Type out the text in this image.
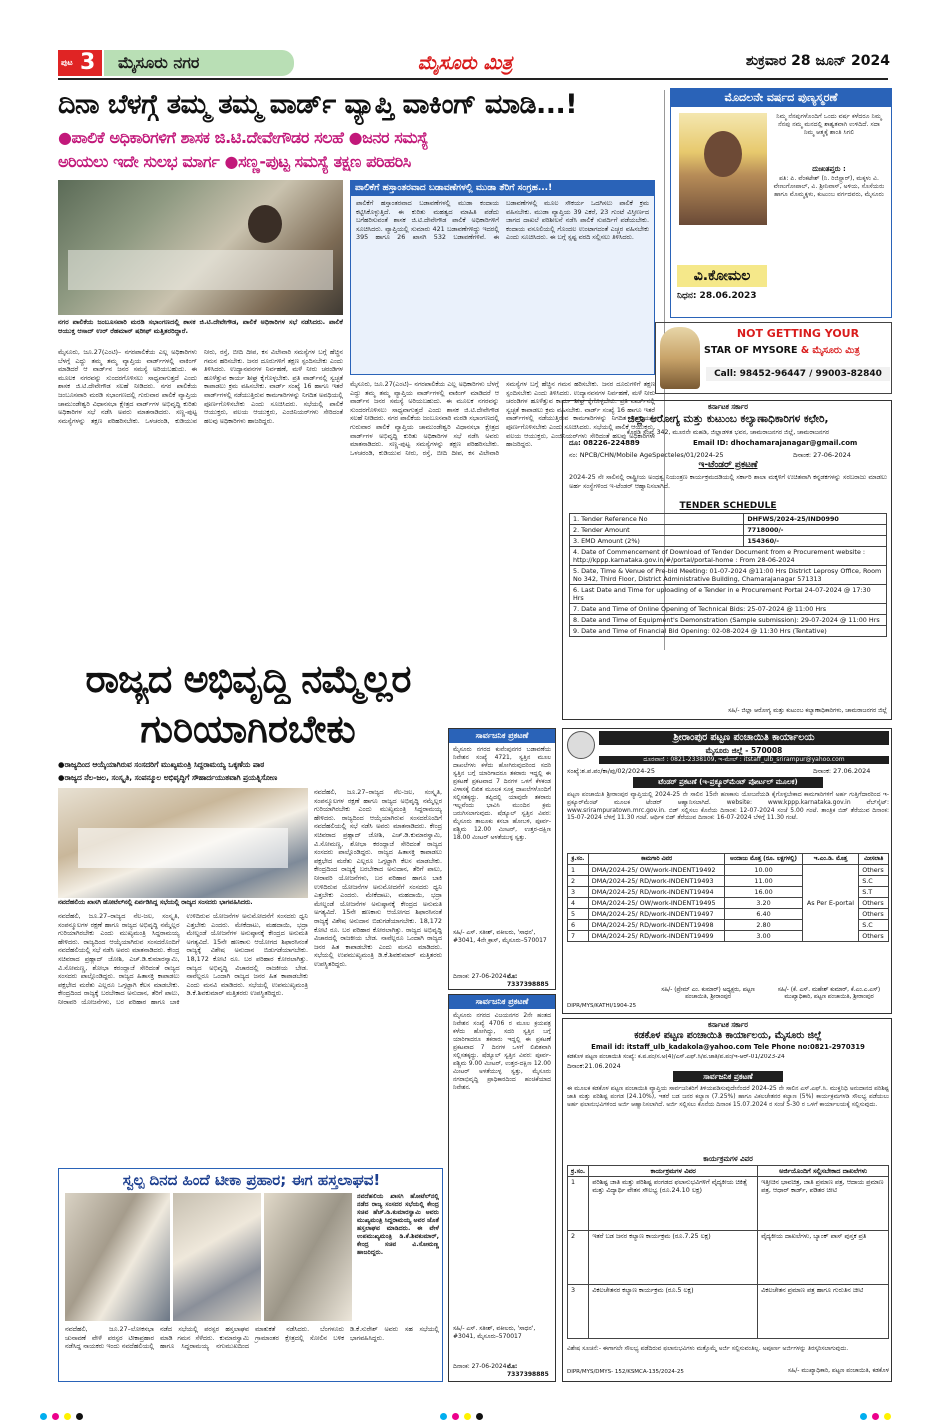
ಪುಟ 3 ಮೈಸೂರು ನಗರ	ಮೈಸೂರು ಮಿತ್ರ	ಶುಕ್ರವಾರ 28 ಜೂನ್ 2024
ದಿನಾ ಬೆಳಗ್ಗೆ ತಮ್ಮ ತಮ್ಮ ವಾರ್ಡ್ ವ್ಯಾಪ್ತಿ ವಾಕಿಂಗ್ ಮಾಡಿ...!
●ಪಾಲಿಕೆ ಅಧಿಕಾರಿಗಳಿಗೆ ಶಾಸಕ ಜಿ.ಟಿ.ದೇವೇಗೌಡರ ಸಲಹೆ ●ಜನರ ಸಮಸ್ಯೆ
ಅರಿಯಲು ಇದೇ ಸುಲಭ ಮಾರ್ಗ ●ಸಣ್ಣ-ಪುಟ್ಟ ಸಮಸ್ಯೆ ತಕ್ಷಣ ಪರಿಹರಿಸಿ
ನಗರ ಪಾಲಿಕೆಯ ಜಂಬೂಸವಾರಿ ಮರಡಿ ಸಭಾಂಗಣದಲ್ಲಿ ಶಾಸಕ ಜಿ.ಟಿ.ದೇವೇಗೌಡ, ಪಾಲಿಕೆ ಅಧಿಕಾರಿಗಳ ಸಭೆ ನಡೆಸಿದರು. ಪಾಲಿಕೆ ಆಯುಕ್ತ ಆಸಾದ್ ಉರ್ ರೆಹಮಾನ್ ಷರೀಫ್ ಮತ್ತಿತರರಿದ್ದಾರೆ.
ಮೈಸೂರು, ಜೂ.27(ಎಂಟಿ)– ನಗರಪಾಲಿಕೆಯ ಎಲ್ಲ ಅಧಿಕಾರಿಗಳು ಬೆಳಗ್ಗೆ ಎದ್ದು ತಮ್ಮ ತಮ್ಮ ವ್ಯಾಪ್ತಿಯ ವಾರ್ಡ್‌ಗಳಲ್ಲಿ ವಾಕಿಂಗ್ ಮಾಡಿದರೆ ಆ ವಾರ್ಡ್‌ನ ಜನರ ಸಮಸ್ಯೆ ಅರಿಯಬಹುದು. ಈ ಮೂಲಕ ನಗರವನ್ನು ಸುಂದರಗೊಳಿಸಲು ಸಾಧ್ಯವಾಗುತ್ತದೆ ಎಂದು ಶಾಸಕ ಜಿ.ಟಿ.ದೇವೇಗೌಡ ಸಲಹೆ ನೀಡಿದರು. ನಗರ ಪಾಲಿಕೆಯ ಜಂಬೂಸವಾರಿ ಮರಡಿ ಸಭಾಂಗಣದಲ್ಲಿ ಗುರುವಾರ ಪಾಲಿಕೆ ವ್ಯಾಪ್ತಿಯ ಚಾಮುಂಡೇಶ್ವರಿ ವಿಧಾನಸಭಾ ಕ್ಷೇತ್ರದ ವಾರ್ಡ್‌ಗಳ ಅಭಿವೃದ್ಧಿ ಕುರಿತು ಅಧಿಕಾರಿಗಳ ಸಭೆ ನಡೆಸಿ ಅವರು ಮಾತನಾಡಿದರು. ಸಣ್ಣ-ಪುಟ್ಟ ಸಮಸ್ಯೆಗಳನ್ನು ತಕ್ಷಣ ಪರಿಹರಿಸಬೇಕು. ಒಳಚರಂಡಿ, ಕುಡಿಯುವ ನೀರು, ರಸ್ತೆ, ಬೀದಿ ದೀಪ, ಕಸ ವಿಲೇವಾರಿ ಸಮಸ್ಯೆಗಳ ಬಗ್ಗೆ ಹೆಚ್ಚಿನ ಗಮನ ಹರಿಸಬೇಕು. ಜನರ ದೂರುಗಳಿಗೆ ತಕ್ಷಣ ಸ್ಪಂದಿಸಬೇಕು ಎಂದು ತಿಳಿಸಿದರು. ಉದ್ಯಾನವನಗಳ ನಿರ್ವಹಣೆ, ಮಳೆ ನೀರು ಚರಂಡಿಗಳ ಹೂಳೆತ್ತುವ ಕಾರ್ಯ ಶೀಘ್ರ ಕೈಗೊಳ್ಳಬೇಕು. ಪ್ರತಿ ವಾರ್ಡ್‌ನಲ್ಲಿ ಸ್ವಚ್ಛತೆ ಕಾಪಾಡಲು ಕ್ರಮ ವಹಿಸಬೇಕು. ವಾರ್ಡ್ ಸಂಖ್ಯೆ 16 ಹಾಗೂ ಇತರೆ ವಾರ್ಡ್‌ಗಳಲ್ಲಿ ನಡೆಯುತ್ತಿರುವ ಕಾಮಗಾರಿಗಳನ್ನು ನಿಗದಿತ ಅವಧಿಯಲ್ಲಿ ಪೂರ್ಣಗೊಳಿಸಬೇಕು ಎಂದು ಸೂಚಿಸಿದರು. ಸಭೆಯಲ್ಲಿ ಪಾಲಿಕೆ ಆಯುಕ್ತರು, ವಲಯ ಆಯುಕ್ತರು, ಎಂಜಿನಿಯರ್‌ಗಳು ಸೇರಿದಂತೆ ಹಲವು ಅಧಿಕಾರಿಗಳು ಹಾಜರಿದ್ದರು.
ಪಾಲಿಕೆಗೆ ಹಸ್ತಾಂತರವಾದ ಬಡಾವಣೆಗಳಲ್ಲಿ ಮುಡಾ ತೆರಿಗೆ ಸಂಗ್ರಹ...!
ಪಾಲಿಕೆಗೆ ಹಸ್ತಾಂತರವಾದ ಬಡಾವಣೆಗಳಲ್ಲಿ ಮುಡಾ ಕಂದಾಯ ಕಟ್ಟಿಸಿಕೊಳ್ಳುತ್ತಿದೆ. ಈ ಕುರಿತು ಮಹತ್ವದ ಮಾಹಿತಿ ಪಡೆದು ಬಗೆಹರಿಸುವಂತೆ ಶಾಸಕ ಜಿ.ಟಿ.ದೇವೇಗೌಡ ಪಾಲಿಕೆ ಅಧಿಕಾರಿಗಳಿಗೆ ಸೂಚಿಸಿದರು. ವ್ಯಾಪ್ತಿಯಲ್ಲಿ ಸುಮಾರು 421 ಬಡಾವಣೆಗಳಿದ್ದು ಇದರಲ್ಲಿ 395 ಹಾಗೂ 26 ಖಾಸಗಿ 532 ಬಡಾವಣೆಗಳಿವೆ. ಈ ಬಡಾವಣೆಗಳಲ್ಲಿ ಮೂಲ ಸೌಕರ್ಯ ಒದಗಿಸಲು ಪಾಲಿಕೆ ಕ್ರಮ ವಹಿಸಬೇಕು. ಮುಡಾ ವ್ಯಾಪ್ತಿಯ 39 ಎಕರೆ, 23 ಗುಂಟೆ ವಿಸ್ತೀರ್ಣದ ಜಾಗದ ದಾಖಲೆ ಪರಿಶೀಲನೆ ನಡೆಸಿ ಪಾಲಿಕೆ ಸುಪರ್ದಿಗೆ ಪಡೆಯಬೇಕು. ಕಂದಾಯ ವಸೂಲಿಯಲ್ಲಿ ಗೊಂದಲ ಉಂಟಾಗದಂತೆ ಎಚ್ಚರ ವಹಿಸಬೇಕು ಎಂದು ಸೂಚಿಸಿದರು. ಈ ಬಗ್ಗೆ ಸ್ಪಷ್ಟ ವರದಿ ಸಲ್ಲಿಸಲು ತಿಳಿಸಿದರು.
ಮೈಸೂರು, ಜೂ.27(ಎಂಟಿ)– ನಗರಪಾಲಿಕೆಯ ಎಲ್ಲ ಅಧಿಕಾರಿಗಳು ಬೆಳಗ್ಗೆ ಎದ್ದು ತಮ್ಮ ತಮ್ಮ ವ್ಯಾಪ್ತಿಯ ವಾರ್ಡ್‌ಗಳಲ್ಲಿ ವಾಕಿಂಗ್ ಮಾಡಿದರೆ ಆ ವಾರ್ಡ್‌ನ ಜನರ ಸಮಸ್ಯೆ ಅರಿಯಬಹುದು. ಈ ಮೂಲಕ ನಗರವನ್ನು ಸುಂದರಗೊಳಿಸಲು ಸಾಧ್ಯವಾಗುತ್ತದೆ ಎಂದು ಶಾಸಕ ಜಿ.ಟಿ.ದೇವೇಗೌಡ ಸಲಹೆ ನೀಡಿದರು. ನಗರ ಪಾಲಿಕೆಯ ಜಂಬೂಸವಾರಿ ಮರಡಿ ಸಭಾಂಗಣದಲ್ಲಿ ಗುರುವಾರ ಪಾಲಿಕೆ ವ್ಯಾಪ್ತಿಯ ಚಾಮುಂಡೇಶ್ವರಿ ವಿಧಾನಸಭಾ ಕ್ಷೇತ್ರದ ವಾರ್ಡ್‌ಗಳ ಅಭಿವೃದ್ಧಿ ಕುರಿತು ಅಧಿಕಾರಿಗಳ ಸಭೆ ನಡೆಸಿ ಅವರು ಮಾತನಾಡಿದರು. ಸಣ್ಣ-ಪುಟ್ಟ ಸಮಸ್ಯೆಗಳನ್ನು ತಕ್ಷಣ ಪರಿಹರಿಸಬೇಕು. ಒಳಚರಂಡಿ, ಕುಡಿಯುವ ನೀರು, ರಸ್ತೆ, ಬೀದಿ ದೀಪ, ಕಸ ವಿಲೇವಾರಿ ಸಮಸ್ಯೆಗಳ ಬಗ್ಗೆ ಹೆಚ್ಚಿನ ಗಮನ ಹರಿಸಬೇಕು. ಜನರ ದೂರುಗಳಿಗೆ ತಕ್ಷಣ ಸ್ಪಂದಿಸಬೇಕು ಎಂದು ತಿಳಿಸಿದರು. ಉದ್ಯಾನವನಗಳ ನಿರ್ವಹಣೆ, ಮಳೆ ನೀರು ಚರಂಡಿಗಳ ಹೂಳೆತ್ತುವ ಕಾರ್ಯ ಶೀಘ್ರ ಕೈಗೊಳ್ಳಬೇಕು. ಪ್ರತಿ ವಾರ್ಡ್‌ನಲ್ಲಿ ಸ್ವಚ್ಛತೆ ಕಾಪಾಡಲು ಕ್ರಮ ವಹಿಸಬೇಕು. ವಾರ್ಡ್ ಸಂಖ್ಯೆ 16 ಹಾಗೂ ಇತರೆ ವಾರ್ಡ್‌ಗಳಲ್ಲಿ ನಡೆಯುತ್ತಿರುವ ಕಾಮಗಾರಿಗಳನ್ನು ನಿಗದಿತ ಅವಧಿಯಲ್ಲಿ ಪೂರ್ಣಗೊಳಿಸಬೇಕು ಎಂದು ಸೂಚಿಸಿದರು. ಸಭೆಯಲ್ಲಿ ಪಾಲಿಕೆ ಆಯುಕ್ತರು, ವಲಯ ಆಯುಕ್ತರು, ಎಂಜಿನಿಯರ್‌ಗಳು ಸೇರಿದಂತೆ ಹಲವು ಅಧಿಕಾರಿಗಳು ಹಾಜರಿದ್ದರು.
ಮೊದಲನೇ ವರ್ಷದ ಪುಣ್ಯಸ್ಮರಣೆ
ನಿಮ್ಮ ನೆನಪುಗಳೊಂದಿಗೆ ಒಂದು ವರ್ಷ ಕಳೆದರೂ ನಿಮ್ಮ ನೆನಪು ನಮ್ಮ ಮನದಲ್ಲಿ ಶಾಶ್ವತವಾಗಿ ಉಳಿದಿದೆ. ಸದಾ ನಿಮ್ಮ ಆತ್ಮಕ್ಕೆ ಶಾಂತಿ ಸಿಗಲಿ
ದುಃಖತಪ್ತರು :
ಪತಿ: ಪಿ. ವೆಂಕಟೇಶ್ (ನಿ. ರಿಜಿಸ್ಟ್ರಾರ್), ಮಕ್ಕಳು ವಿ. ವೇಣುಗೋಪಾಲ್, ವಿ. ಶ್ರೀನಿವಾಸ್, ಅಳಿಯ, ಸೊಸೆಯರು ಹಾಗೂ ಮೊಮ್ಮಕ್ಕಳು, ಕುಟುಂಬ ವರ್ಗದವರು, ಮೈಸೂರು
ವಿ.ಕೋಮಲ
ನಿಧನ: 28.06.2023
NOT GETTING YOUR
STAR OF MYSORE & ಮೈಸೂರು ಮಿತ್ರ
Call: 98452-96447 / 99003-82840
ಕರ್ನಾಟಕ ಸರ್ಕಾರ
ಜಿಲ್ಲಾ ಆರೋಗ್ಯ ಮತ್ತು ಕುಟುಂಬ ಕಲ್ಯಾಣಾಧಿಕಾರಿಗಳ ಕಛೇರಿ,
ಕೊಠಡಿ ಸಂಖ್ಯೆ 342, ಮೂರನೇ ಮಹಡಿ, ಜಿಲ್ಲಾಡಳಿತ ಭವನ, ಚಾಮರಾಜನಗರ ಜಿಲ್ಲೆ, ಚಾಮರಾಜನಗರ
ದೂ: 08226-224889	Email ID: dhochamarajanagar@gmail.com
ನಂ: NPCB/CHN/Mobile AgeSpecteles/01/2024-25
ಇ-ಟೆಂಡರ್ ಪ್ರಕಟಣೆ
ದಿನಾಂಕ: 27-06-2024
2024-25 ನೇ ಸಾಲಿನಲ್ಲಿ ರಾಷ್ಟ್ರೀಯ ಅಂಧತ್ವ ನಿಯಂತ್ರಣ ಕಾರ್ಯಕ್ರಮದಡಿಯಲ್ಲಿ ಸರ್ಕಾರಿ ಶಾಲಾ ಮಕ್ಕಳಿಗೆ ಉಚಿತವಾಗಿ ಕನ್ನಡಕಗಳನ್ನು ಸರಬರಾಜು ಮಾಡಲು ಅರ್ಹ ಸಂಸ್ಥೆಗಳಿಂದ ಇ-ಟೆಂಡರ್ ಆಹ್ವಾನಿಸಲಾಗಿದೆ.
TENDER SCHEDULE
1. Tender Reference No	DHFWS/2024-25/IND0990
2. Tender Amount	7718000/-
3. EMD Amount (2%)	154360/-
4. Date of Commencement of Download of Tender Document from e Procurement website : http://kppp.karnataka.gov.in/#/portal/portal-home : From 28-06-2024	
5. Date, Time & Venue of Pre-bid Meeting: 01-07-2024 @11:00 Hrs District Leprosy Office, Room No 342, Third Floor, District Administrative Building, Chamarajanagar 571313	
6. Last Date and Time for uploading of e Tender in e Procurement Portal 24-07-2024 @ 17:30 Hrs	
7. Date and Time of Online Opening of Technical Bids: 25-07-2024 @ 11:00 Hrs	
8. Date and Time of Equipment's Demonstration (Sample submission): 29-07-2024 @ 11:00 Hrs	
9. Date and Time of Financial Bid Opening: 02-08-2024 @ 11:30 Hrs (Tentative)	
ಸಹಿ/- ಜಿಲ್ಲಾ ಆರೋಗ್ಯ ಮತ್ತು ಕುಟುಂಬ ಕಲ್ಯಾಣಾಧಿಕಾರಿಗಳು, ಚಾಮರಾಜನಗರ ಜಿಲ್ಲೆ
ಸಾರ್ವಜನಿಕ ಪ್ರಕಟಣೆ
ಮೈಸೂರು ನಗರದ ಕುವೆಂಪುನಗರ ಬಡಾವಣೆಯ ನಿವೇಶನ ಸಂಖ್ಯೆ 4721, ಸ್ವತ್ತಿನ ಮೂಲ ದಾಖಲೆಗಳು ಕಳೆದು ಹೋಗಿರುವುದರಿಂದ ಸದರಿ ಸ್ವತ್ತಿನ ಬಗ್ಗೆ ಯಾರಿಗಾದರೂ ತಕರಾರು ಇದ್ದಲ್ಲಿ ಈ ಪ್ರಕಟಣೆ ಪ್ರಕಟವಾದ 7 ದಿನಗಳ ಒಳಗೆ ಕೆಳಕಂಡ ವಿಳಾಸಕ್ಕೆ ಲಿಖಿತ ಮೂಲಕ ಸೂಕ್ತ ದಾಖಲೆಗಳೊಂದಿಗೆ ಸಲ್ಲಿಸತಕ್ಕದ್ದು. ತಪ್ಪಿದಲ್ಲಿ ಯಾವುದೇ ತಕರಾರು ಇಲ್ಲವೆಂದು ಭಾವಿಸಿ ಮುಂದಿನ ಕ್ರಮ ಜರುಗಿಸಲಾಗುವುದು. ಷೆಡ್ಯೂಲ್ ಸ್ವತ್ತಿನ ವಿವರ: ಮೈಸೂರು ತಾಲೂಕು ಕಸಬಾ ಹೋಬಳಿ, ಪೂರ್ವ-ಪಶ್ಚಿಮ 12.00 ಮೀಟರ್, ಉತ್ತರ-ದಕ್ಷಿಣ 18.00 ಮೀಟರ್ ಅಳತೆಯುಳ್ಳ ಸ್ವತ್ತು.
ಸಹಿ/- ಎಸ್. ಸತೀಶ್, ವಕೀಲರು, 'ಸಾಧನ', #3041, 4ನೇ ಕ್ರಾಸ್, ಮೈಸೂರು–570017
ದಿನಾಂಕ: 27-06-2024 ಮೊ: 7337398885
ಸಾರ್ವಜನಿಕ ಪ್ರಕಟಣೆ
ಮೈಸೂರು ನಗರದ ವಿಜಯನಗರ 2ನೇ ಹಂತದ ನಿವೇಶನ ಸಂಖ್ಯೆ 4706 ರ ಮೂಲ ಕ್ರಯಪತ್ರ ಕಳೆದು ಹೋಗಿದ್ದು, ಸದರಿ ಸ್ವತ್ತಿನ ಬಗ್ಗೆ ಯಾರಿಗಾದರೂ ತಕರಾರು ಇದ್ದಲ್ಲಿ ಈ ಪ್ರಕಟಣೆ ಪ್ರಕಟವಾದ 7 ದಿನಗಳ ಒಳಗೆ ಲಿಖಿತವಾಗಿ ಸಲ್ಲಿಸತಕ್ಕದ್ದು. ಷೆಡ್ಯೂಲ್ ಸ್ವತ್ತಿನ ವಿವರ: ಪೂರ್ವ-ಪಶ್ಚಿಮ 9.00 ಮೀಟರ್, ಉತ್ತರ-ದಕ್ಷಿಣ 12.00 ಮೀಟರ್ ಅಳತೆಯುಳ್ಳ ಸ್ವತ್ತು, ಮೈಸೂರು ನಗರಾಭಿವೃದ್ಧಿ ಪ್ರಾಧಿಕಾರದಿಂದ ಹಂಚಿಕೆಯಾದ ನಿವೇಶನ.
ಸಹಿ/- ಎಸ್. ಸತೀಶ್, ವಕೀಲರು, 'ಸಾಧನ', #3041, ಮೈಸೂರು–570017
ದಿನಾಂಕ: 27-06-2024 ಮೊ: 7337398885
ರಾಜ್ಯದ ಅಭಿವೃದ್ಧಿ ನಮ್ಮೆಲ್ಲರ
ಗುರಿಯಾಗಿರಬೇಕು
●ರಾಜ್ಯದಿಂದ ಆಯ್ಕೆಯಾಗಿರುವ ಸಂಸದರಿಗೆ ಮುಖ್ಯಮಂತ್ರಿ ಸಿದ್ದರಾಮಯ್ಯ ಒಕ್ಕಣೆಯ ಪಾಠ
●ರಾಜ್ಯದ ನೆಲ-ಜಲ, ಸಂಸ್ಕೃತಿ, ಸಂಪನ್ಮೂಲ ಅಭಿವೃದ್ಧಿಗೆ ಸೌಹಾರ್ದಯುತವಾಗಿ ಪ್ರಯತ್ನಿಸೋಣ
ನವದೆಹಲಿಯ ಖಾಸಗಿ ಹೋಟೆಲ್‌ನಲ್ಲಿ ಏರ್ಪಡಿಸಿದ್ದ ಸಭೆಯಲ್ಲಿ ರಾಜ್ಯದ ಸಂಸದರು ಭಾಗವಹಿಸಿದರು.
ನವದೆಹಲಿ, ಜೂ.27–ರಾಜ್ಯದ ನೆಲ-ಜಲ, ಸಂಸ್ಕೃತಿ, ಸಂಪನ್ಮೂಲಗಳ ರಕ್ಷಣೆ ಹಾಗೂ ರಾಜ್ಯದ ಅಭಿವೃದ್ಧಿ ನಮ್ಮೆಲ್ಲರ ಗುರಿಯಾಗಿರಬೇಕು ಎಂದು ಮುಖ್ಯಮಂತ್ರಿ ಸಿದ್ದರಾಮಯ್ಯ ಹೇಳಿದರು. ರಾಜ್ಯದಿಂದ ಆಯ್ಕೆಯಾಗಿರುವ ಸಂಸದರೊಂದಿಗೆ ನವದೆಹಲಿಯಲ್ಲಿ ಸಭೆ ನಡೆಸಿ ಅವರು ಮಾತನಾಡಿದರು. ಕೇಂದ್ರ ಸಚಿವರಾದ ಪ್ರಹ್ಲಾದ್ ಜೋಶಿ, ಎಚ್.ಡಿ.ಕುಮಾರಸ್ವಾಮಿ, ವಿ.ಸೋಮಣ್ಣ, ಶೋಭಾ ಕರಂದ್ಲಾಜೆ ಸೇರಿದಂತೆ ರಾಜ್ಯದ ಸಂಸದರು ಪಾಲ್ಗೊಂಡಿದ್ದರು. ರಾಜ್ಯದ ಹಿತಾಸಕ್ತಿ ಕಾಪಾಡಲು ಪಕ್ಷಭೇದ ಮರೆತು ಎಲ್ಲರೂ ಒಗ್ಗಟ್ಟಾಗಿ ಕೆಲಸ ಮಾಡಬೇಕು. ಕೇಂದ್ರದಿಂದ ರಾಜ್ಯಕ್ಕೆ ಬರಬೇಕಾದ ಅನುದಾನ, ತೆರಿಗೆ ಪಾಲು, ನೀರಾವರಿ ಯೋಜನೆಗಳು, ಬರ ಪರಿಹಾರ ಹಾಗೂ ಬಾಕಿ ಉಳಿದಿರುವ ಯೋಜನೆಗಳ ಅನುಮೋದನೆಗೆ ಸಂಸದರು ಧ್ವನಿ ಎತ್ತಬೇಕು ಎಂದರು. ಮೇಕೆದಾಟು, ಮಹದಾಯಿ, ಭದ್ರಾ ಮೇಲ್ದಂಡೆ ಯೋಜನೆಗಳ ಅನುಷ್ಠಾನಕ್ಕೆ ಕೇಂದ್ರದ ಅನುಮತಿ ಅಗತ್ಯವಿದೆ. 15ನೇ ಹಣಕಾಸು ಆಯೋಗದ ಶಿಫಾರಸಿನಂತೆ ರಾಜ್ಯಕ್ಕೆ ವಿಶೇಷ ಅನುದಾನ ಬಿಡುಗಡೆಯಾಗಬೇಕು. 18,172 ಕೋಟಿ ರೂ. ಬರ ಪರಿಹಾರ ಕೋರಲಾಗಿತ್ತು. ರಾಜ್ಯದ ಅಭಿವೃದ್ಧಿ ವಿಚಾರದಲ್ಲಿ ರಾಜಕೀಯ ಬೇಡ. ನಾವೆಲ್ಲರೂ ಒಂದಾಗಿ ರಾಜ್ಯದ ಜನರ ಹಿತ ಕಾಪಾಡಬೇಕು ಎಂದು ಮನವಿ ಮಾಡಿದರು. ಸಭೆಯಲ್ಲಿ ಉಪಮುಖ್ಯಮಂತ್ರಿ ಡಿ.ಕೆ.ಶಿವಕುಮಾರ್ ಮತ್ತಿತರರು ಉಪಸ್ಥಿತರಿದ್ದರು.
ನವದೆಹಲಿ, ಜೂ.27–ರಾಜ್ಯದ ನೆಲ-ಜಲ, ಸಂಸ್ಕೃತಿ, ಸಂಪನ್ಮೂಲಗಳ ರಕ್ಷಣೆ ಹಾಗೂ ರಾಜ್ಯದ ಅಭಿವೃದ್ಧಿ ನಮ್ಮೆಲ್ಲರ ಗುರಿಯಾಗಿರಬೇಕು ಎಂದು ಮುಖ್ಯಮಂತ್ರಿ ಸಿದ್ದರಾಮಯ್ಯ ಹೇಳಿದರು. ರಾಜ್ಯದಿಂದ ಆಯ್ಕೆಯಾಗಿರುವ ಸಂಸದರೊಂದಿಗೆ ನವದೆಹಲಿಯಲ್ಲಿ ಸಭೆ ನಡೆಸಿ ಅವರು ಮಾತನಾಡಿದರು. ಕೇಂದ್ರ ಸಚಿವರಾದ ಪ್ರಹ್ಲಾದ್ ಜೋಶಿ, ಎಚ್.ಡಿ.ಕುಮಾರಸ್ವಾಮಿ, ವಿ.ಸೋಮಣ್ಣ, ಶೋಭಾ ಕರಂದ್ಲಾಜೆ ಸೇರಿದಂತೆ ರಾಜ್ಯದ ಸಂಸದರು ಪಾಲ್ಗೊಂಡಿದ್ದರು. ರಾಜ್ಯದ ಹಿತಾಸಕ್ತಿ ಕಾಪಾಡಲು ಪಕ್ಷಭೇದ ಮರೆತು ಎಲ್ಲರೂ ಒಗ್ಗಟ್ಟಾಗಿ ಕೆಲಸ ಮಾಡಬೇಕು. ಕೇಂದ್ರದಿಂದ ರಾಜ್ಯಕ್ಕೆ ಬರಬೇಕಾದ ಅನುದಾನ, ತೆರಿಗೆ ಪಾಲು, ನೀರಾವರಿ ಯೋಜನೆಗಳು, ಬರ ಪರಿಹಾರ ಹಾಗೂ ಬಾಕಿ ಉಳಿದಿರುವ ಯೋಜನೆಗಳ ಅನುಮೋದನೆಗೆ ಸಂಸದರು ಧ್ವನಿ ಎತ್ತಬೇಕು ಎಂದರು. ಮೇಕೆದಾಟು, ಮಹದಾಯಿ, ಭದ್ರಾ ಮೇಲ್ದಂಡೆ ಯೋಜನೆಗಳ ಅನುಷ್ಠಾನಕ್ಕೆ ಕೇಂದ್ರದ ಅನುಮತಿ ಅಗತ್ಯವಿದೆ. 15ನೇ ಹಣಕಾಸು ಆಯೋಗದ ಶಿಫಾರಸಿನಂತೆ ರಾಜ್ಯಕ್ಕೆ ವಿಶೇಷ ಅನುದಾನ ಬಿಡುಗಡೆಯಾಗಬೇಕು. 18,172 ಕೋಟಿ ರೂ. ಬರ ಪರಿಹಾರ ಕೋರಲಾಗಿತ್ತು. ರಾಜ್ಯದ ಅಭಿವೃದ್ಧಿ ವಿಚಾರದಲ್ಲಿ ರಾಜಕೀಯ ಬೇಡ. ನಾವೆಲ್ಲರೂ ಒಂದಾಗಿ ರಾಜ್ಯದ ಜನರ ಹಿತ ಕಾಪಾಡಬೇಕು ಎಂದು ಮನವಿ ಮಾಡಿದರು. ಸಭೆಯಲ್ಲಿ ಉಪಮುಖ್ಯಮಂತ್ರಿ ಡಿ.ಕೆ.ಶಿವಕುಮಾರ್ ಮತ್ತಿತರರು ಉಪಸ್ಥಿತರಿದ್ದರು.
ಸ್ವಲ್ಪ ದಿನದ ಹಿಂದೆ ಟೀಕಾ ಪ್ರಹಾರ; ಈಗ ಹಸ್ತಲಾಘವ!
ನವದೆಹಲಿಯ ಖಾಸಗಿ ಹೋಟೆಲ್‌ನಲ್ಲಿ ನಡೆದ ರಾಜ್ಯ ಸಂಸದರ ಸಭೆಯಲ್ಲಿ ಕೇಂದ್ರ ಸಚಿವ ಹೆಚ್.ಡಿ.ಕುಮಾರಸ್ವಾಮಿ ಅವರು ಮುಖ್ಯಮಂತ್ರಿ ಸಿದ್ದರಾಮಯ್ಯ ಅವರ ಜೊತೆ ಹಸ್ತಲಾಘವ ಮಾಡಿದರು. ಈ ವೇಳೆ ಉಪಮುಖ್ಯಮಂತ್ರಿ ಡಿ.ಕೆ.ಶಿವಕುಮಾರ್, ಕೇಂದ್ರ ಸಚಿವ ವಿ.ಸೋಮಣ್ಣ ಹಾಜರಿದ್ದರು.
ನವದೆಹಲಿ, ಜೂ.27–ಲೋಕಸಭಾ ಚುನಾವಣೆ ವೇಳೆ ಪರಸ್ಪರ ಟೀಕಾಪ್ರಹಾರ ನಡೆಸಿದ್ದ ನಾಯಕರು ಇಂದು ನವದೆಹಲಿಯಲ್ಲಿ ನಡೆದ ಸಭೆಯಲ್ಲಿ ಪರಸ್ಪರ ಹಸ್ತಲಾಘವ ಮಾಡಿ ಗಮನ ಸೆಳೆದರು. ಕುಮಾರಸ್ವಾಮಿ ಹಾಗೂ ಸಿದ್ದರಾಮಯ್ಯ ನಗುಮುಖದಿಂದ ಮಾತುಕತೆ ನಡೆಸಿದರು. ಬೆಂಗಳೂರು ಗ್ರಾಮಾಂತರ ಕ್ಷೇತ್ರದಲ್ಲಿ ಸೋಲಿನ ಬಳಿಕ ಡಿ.ಕೆ.ಸುರೇಶ್ ಅವರು ಸಹ ಸಭೆಯಲ್ಲಿ ಭಾಗವಹಿಸಿದ್ದರು.
ಶ್ರೀರಾಂಪುರ ಪಟ್ಟಣ ಪಂಚಾಯಿತಿ ಕಾರ್ಯಾಲಯ
ಮೈಸೂರು ಜಿಲ್ಲೆ - 570008
ದೂರವಾಣಿ : 0821-2338109, ಇ-ಮೇಲ್ : itstaff_ulb_srirampur@yahoo.com
ಸಂಖ್ಯೆ:ಶ.ಪ.ಪಂ/ಕಾ/ಪು/02/2024-25	ದಿನಾಂಕ: 27.06.2024
ಟೆಂಡರ್ ಪ್ರಕಟಣೆ (ಇ-ಪ್ರಕ್ಯೂರ್‌ಮೆಂಟ್ ಪೋರ್ಟಲ್ ಮೂಲಕ)
ಪಟ್ಟಣ ಪಂಚಾಯಿತಿ ಶ್ರೀರಾಂಪುರ ವ್ಯಾಪ್ತಿಯಲ್ಲಿ 2024-25 ನೇ ಸಾಲಿನ 15ನೇ ಹಣಕಾಸು ಯೋಜನೆಯಡಿ ಕೈಗೊಳ್ಳಬೇಕಾದ ಕಾಮಗಾರಿಗಳಿಗೆ ಅರ್ಹ ಗುತ್ತಿಗೆದಾರರಿಂದ ಇ-ಪ್ರಕ್ಯೂರ್‌ಮೆಂಟ್ ಮೂಲಕ ಟೆಂಡರ್ ಆಹ್ವಾನಿಸಲಾಗಿದೆ. website: www.kppp.karnataka.gov.in ವೆಬ್‌ಸೈಟ್: www.srirampuratown.mrc.gov.in. ಬಿಡ್ ಸಲ್ಲಿಸಲು ಕೊನೆಯ ದಿನಾಂಕ: 12-07-2024 ಸಂಜೆ 5.00 ಗಂಟೆ. ತಾಂತ್ರಿಕ ಬಿಡ್ ತೆರೆಯುವ ದಿನಾಂಕ: 15-07-2024 ಬೆಳಿಗ್ಗೆ 11.30 ಗಂಟೆ. ಆರ್ಥಿಕ ಬಿಡ್ ತೆರೆಯುವ ದಿನಾಂಕ: 16-07-2024 ಬೆಳಿಗ್ಗೆ 11.30 ಗಂಟೆ.
ಕ್ರ.ಸಂ.	ಕಾಮಗಾರಿ ವಿವರ	ಅಂದಾಜು ಮೊತ್ತ (ರೂ. ಲಕ್ಷಗಳಲ್ಲಿ)	ಇ.ಎಂ.ಡಿ. ಮೊತ್ತ	ಮೀಸಲಾತಿ
1	DMA/2024-25/ OW/work-INDENT19492	10.00	As Per E-portal	Others
2	DMA/2024-25/ RD/work-INDENT19493	11.00		S.C
3	DMA/2024-25/ RD/work-INDENT19494	16.00		S.T
4	DMA/2024-25/ OW/work-INDENT19495	3.20		Others
5	DMA/2024-25/ RD/work-INDENT19497	6.40		Others
6	DMA/2024-25/ RD/work-INDENT19498	2.80		S.C
7	DMA/2024-25/ RD/work-INDENT19499	3.00		Others
ಸಹಿ/- (ಪ್ರೇಮ್ ಎಂ. ಕುಮಾರ್) ಅಧ್ಯಕ್ಷರು, ಪಟ್ಟಣ ಪಂಚಾಯಿತಿ, ಶ್ರೀರಾಂಪುರ
ಸಹಿ/- (ಕೆ. ಎಸ್. ಮಹೇಶ್ ಕುಮಾರ್, ಕೆ.ಎಂ.ಎ.ಎಸ್) ಮುಖ್ಯಾಧಿಕಾರಿ, ಪಟ್ಟಣ ಪಂಚಾಯಿತಿ, ಶ್ರೀರಾಂಪುರ
DIPR/MYS/KATHI/1904-25
ಕರ್ನಾಟಕ ಸರ್ಕಾರ
ಕಡಕೊಳ ಪಟ್ಟಣ ಪಂಚಾಯಿತಿ ಕಾರ್ಯಾಲಯ, ಮೈಸೂರು ಜಿಲ್ಲೆ
Email id: itstaff_ulb_kadakola@yahoo.com Tele Phone no:0821-2970319
ಕಡಕೊಳ ಪಟ್ಟಣ ಪಂಚಾಯಿತಿ ಸಂಖ್ಯೆ: ಕ.ಪ.ಪಂ/ಸ.ಅ(4)/ಎಸ್.ಎಫ್.ಸಿ/ಪ.ಜಾತಿ/ಪ.ಪಂ/ಇ-ಆರ್-01/2023-24
ದಿನಾಂಕ:21.06.2024
ಸಾರ್ವಜನಿಕ ಪ್ರಕಟಣೆ
ಈ ಮೂಲಕ ಕಡಕೊಳ ಪಟ್ಟಣ ಪಂಚಾಯಿತಿ ವ್ಯಾಪ್ತಿಯ ಸಾರ್ವಜನಿಕರಿಗೆ ತಿಳಿಯಪಡಿಸುವುದೇನೆಂದರೆ 2024-25 ನೇ ಸಾಲಿನ ಎಸ್.ಎಫ್.ಸಿ. ಮುಕ್ತನಿಧಿ ಅನುದಾನದ ಪರಿಶಿಷ್ಟ ಜಾತಿ ಮತ್ತು ಪರಿಶಿಷ್ಟ ಪಂಗಡ (24.10%), ಇತರೆ ಬಡ ಜನರ ಕಲ್ಯಾಣ (7.25%) ಹಾಗೂ ವಿಕಲಚೇತನರ ಕಲ್ಯಾಣ (5%) ಕಾರ್ಯಕ್ರಮಗಳಡಿ ಸೌಲಭ್ಯ ಪಡೆಯಲು ಅರ್ಹ ಫಲಾನುಭವಿಗಳಿಂದ ಅರ್ಜಿ ಆಹ್ವಾನಿಸಲಾಗಿದೆ. ಅರ್ಜಿ ಸಲ್ಲಿಸಲು ಕೊನೆಯ ದಿನಾಂಕ 15.07.2024 ರ ಸಂಜೆ 5-30 ರ ಒಳಗೆ ಕಾರ್ಯಾಲಯಕ್ಕೆ ಸಲ್ಲಿಸುವುದು.
ಕಾರ್ಯಕ್ರಮಗಳ ವಿವರ
ಕ್ರ.ಸಂ.	ಕಾರ್ಯಕ್ರಮಗಳ ವಿವರ	ಅರ್ಜಿಯೊಂದಿಗೆ ಸಲ್ಲಿಸಬೇಕಾದ ದಾಖಲೆಗಳು
1	ಪರಿಶಿಷ್ಟ ಜಾತಿ ಮತ್ತು ಪರಿಶಿಷ್ಟ ಪಂಗಡದ ಫಲಾನುಭವಿಗಳಿಗೆ ವೈದ್ಯಕೀಯ ಚಿಕಿತ್ಸೆ ಮತ್ತು ವಿದ್ಯಾರ್ಥಿ ವೇತನ ಸೌಲಭ್ಯ (ರೂ.24.10 ಲಕ್ಷ)	ಇತ್ತೀಚಿನ ಭಾವಚಿತ್ರ, ಜಾತಿ ಪ್ರಮಾಣ ಪತ್ರ, ಆದಾಯ ಪ್ರಮಾಣ ಪತ್ರ, ಆಧಾರ್ ಕಾರ್ಡ್, ಪಡಿತರ ಚೀಟಿ
2	ಇತರೆ ಬಡ ಜನರ ಕಲ್ಯಾಣ ಕಾರ್ಯಕ್ರಮ (ರೂ.7.25 ಲಕ್ಷ)	ವೈದ್ಯಕೀಯ ದಾಖಲೆಗಳು, ಬ್ಯಾಂಕ್ ಪಾಸ್ ಪುಸ್ತಕ ಪ್ರತಿ
3	ವಿಕಲಚೇತನರ ಕಲ್ಯಾಣ ಕಾರ್ಯಕ್ರಮ (ರೂ.5 ಲಕ್ಷ)	ವಿಕಲಚೇತನ ಪ್ರಮಾಣ ಪತ್ರ ಹಾಗೂ ಗುರುತಿನ ಚೀಟಿ
ವಿಶೇಷ ಸೂಚನೆ:- ಈಗಾಗಲೇ ಸೌಲಭ್ಯ ಪಡೆದಿರುವ ಫಲಾನುಭವಿಗಳು ಮತ್ತೊಮ್ಮೆ ಅರ್ಜಿ ಸಲ್ಲಿಸುವಂತಿಲ್ಲ. ಅಪೂರ್ಣ ಅರ್ಜಿಗಳನ್ನು ತಿರಸ್ಕರಿಸಲಾಗುವುದು.
DIPR/MYS/DMYS- 152/KSMCA-135/2024-25	ಸಹಿ/- ಮುಖ್ಯಾಧಿಕಾರಿ, ಪಟ್ಟಣ ಪಂಚಾಯಿತಿ, ಕಡಕೊಳ
